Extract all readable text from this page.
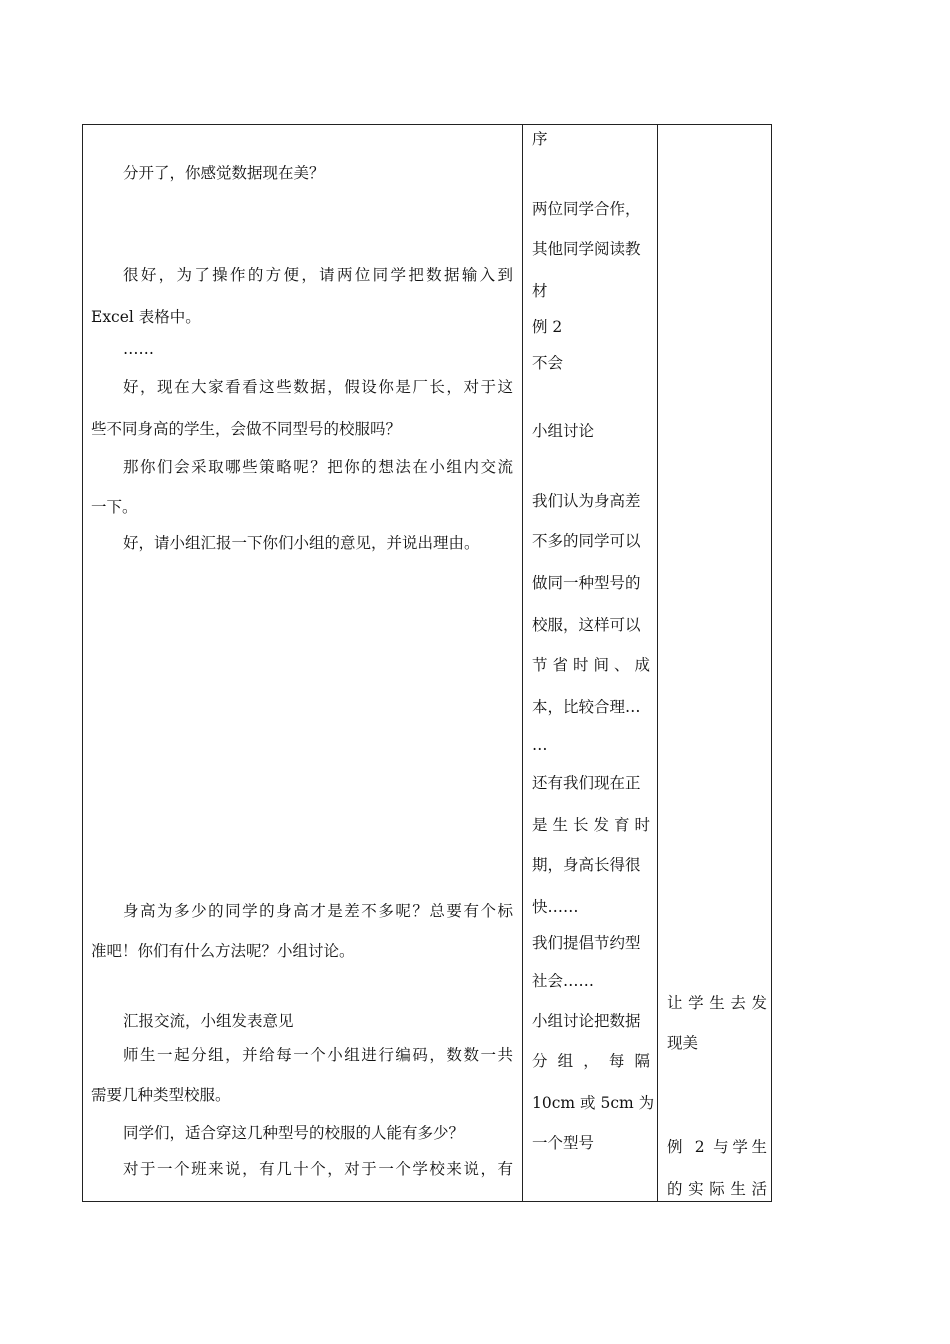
分开了，你感觉数据现在美？
很好，为了操作的方便，请两位同学把数据输入到
Excel 表格中。
……
好，现在大家看看这些数据，假设你是厂长，对于这
些不同身高的学生，会做不同型号的校服吗？
那你们会采取哪些策略呢？把你的想法在小组内交流
一下。
好，请小组汇报一下你们小组的意见，并说出理由。
身高为多少的同学的身高才是差不多呢？总要有个标
准吧！你们有什么方法呢？小组讨论。
汇报交流，小组发表意见
师生一起分组，并给每一个小组进行编码，数数一共
需要几种类型校服。
同学们，适合穿这几种型号的校服的人能有多少？
对于一个班来说，有几十个，对于一个学校来说，有
序
两位同学合作，
其他同学阅读教
材
例 2
不会
小组讨论
我们认为身高差
不多的同学可以
做同一种型号的
校服，这样可以
节省时间、成
本，比较合理…
…
还有我们现在正
是生长发育时
期，身高长得很
快……
我们提倡节约型
社会……
小组讨论把数据
分组，每隔
10cm 或 5cm 为
一个型号
让学生去发
现美
例 2 与学生
的实际生活
